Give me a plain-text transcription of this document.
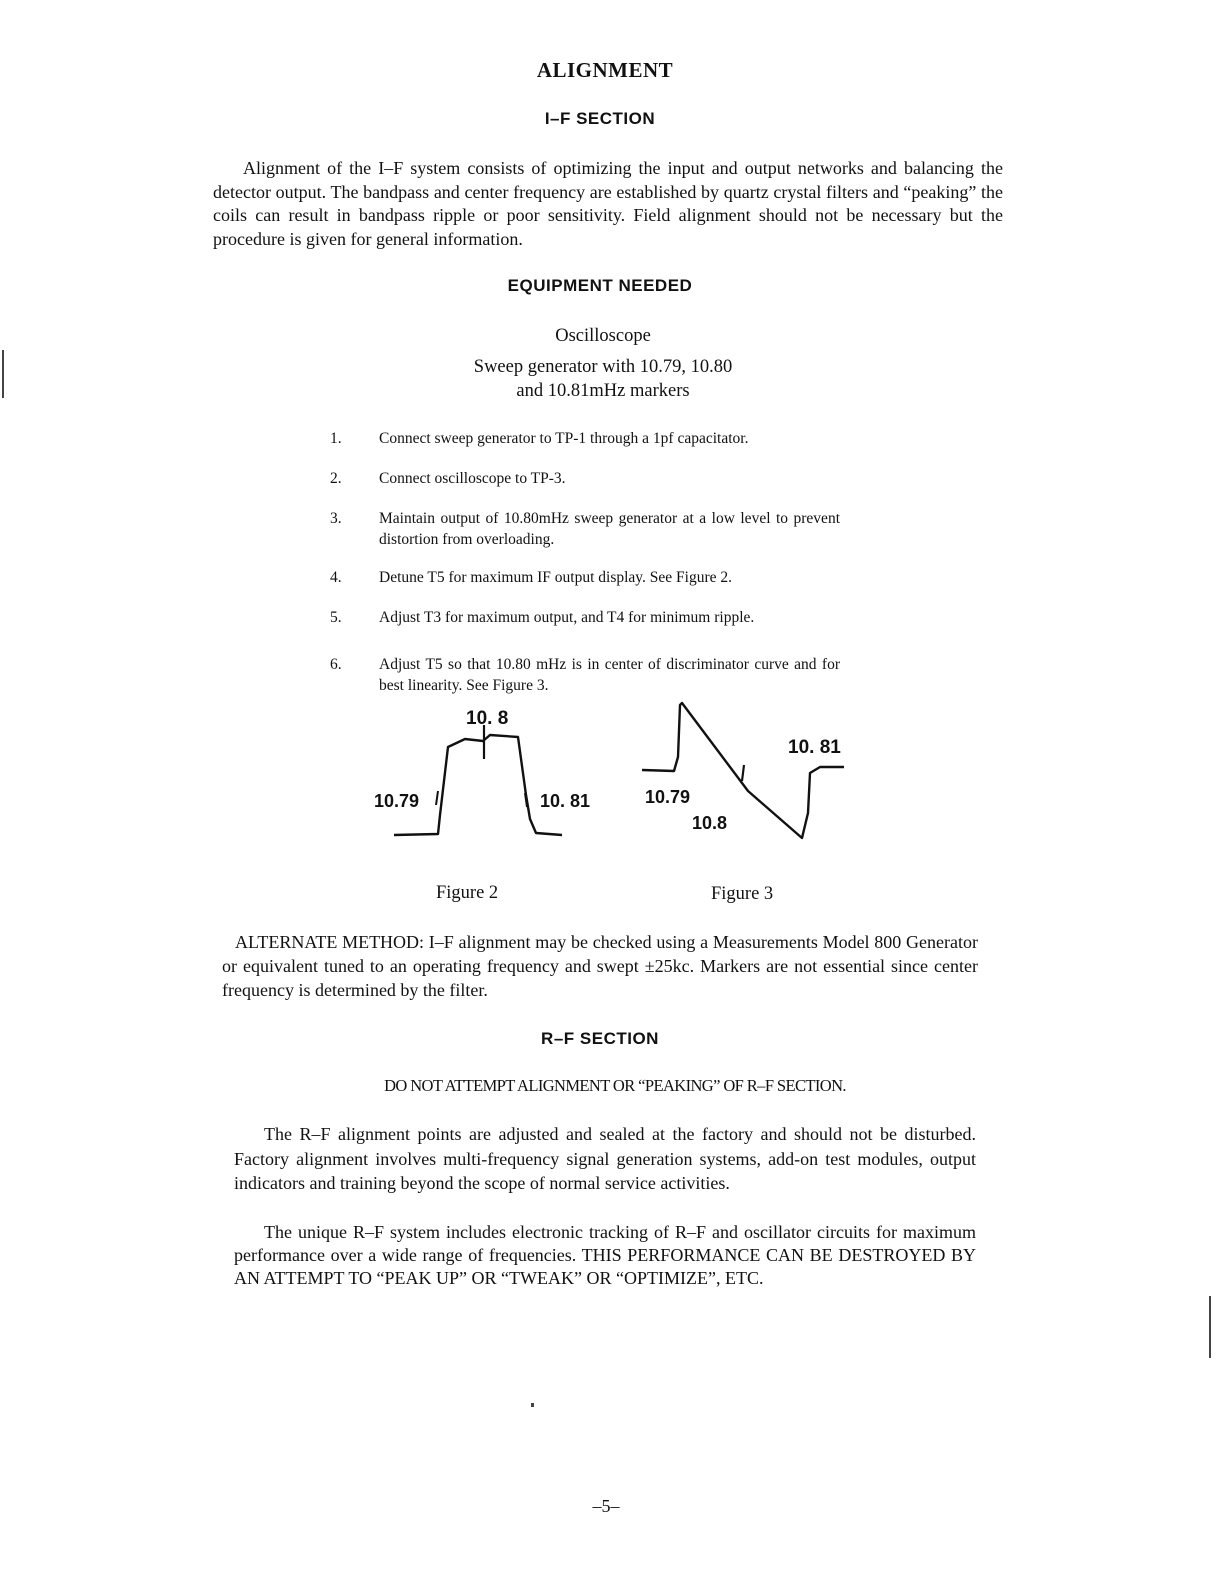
ALIGNMENT
I–F SECTION
Alignment of the I–F system consists of optimizing the input and output networks and balancing the detector output. The bandpass and center frequency are established by quartz crystal filters and “peaking” the coils can result in bandpass ripple or poor sensitivity. Field alignment should not be necessary but the procedure is given for general information.
EQUIPMENT NEEDED
Oscilloscope
Sweep generator with 10.79, 10.80
and 10.81mHz markers
1. Connect sweep generator to TP-1 through a 1pf capacitator.
2. Connect oscilloscope to TP-3.
3. Maintain output of 10.80mHz sweep generator at a low level to prevent distortion from overloading.
4. Detune T5 for maximum IF output display. See Figure 2.
5. Adjust T3 for maximum output, and T4 for minimum ripple.
6. Adjust T5 so that 10.80 mHz is in center of discriminator curve and for best linearity. See Figure 3.
10. 8
10.79	10. 81
10. 81
10.79
10.8
Figure 2	Figure 3
ALTERNATE METHOD: I–F alignment may be checked using a Measurements Model 800 Generator or equivalent tuned to an operating frequency and swept ±25kc. Markers are not essential since center frequency is determined by the filter.
R–F SECTION
DO NOT ATTEMPT ALIGNMENT OR “PEAKING” OF R–F SECTION.
The R–F alignment points are adjusted and sealed at the factory and should not be disturbed. Factory alignment involves multi-frequency signal generation systems, add-on test modules, output indicators and training beyond the scope of normal service activities.
The unique R–F system includes electronic tracking of R–F and oscillator circuits for maximum performance over a wide range of frequencies. THIS PERFORMANCE CAN BE DESTROYED BY AN ATTEMPT TO “PEAK UP” OR “TWEAK” OR “OPTIMIZE”, ETC.
–5–
